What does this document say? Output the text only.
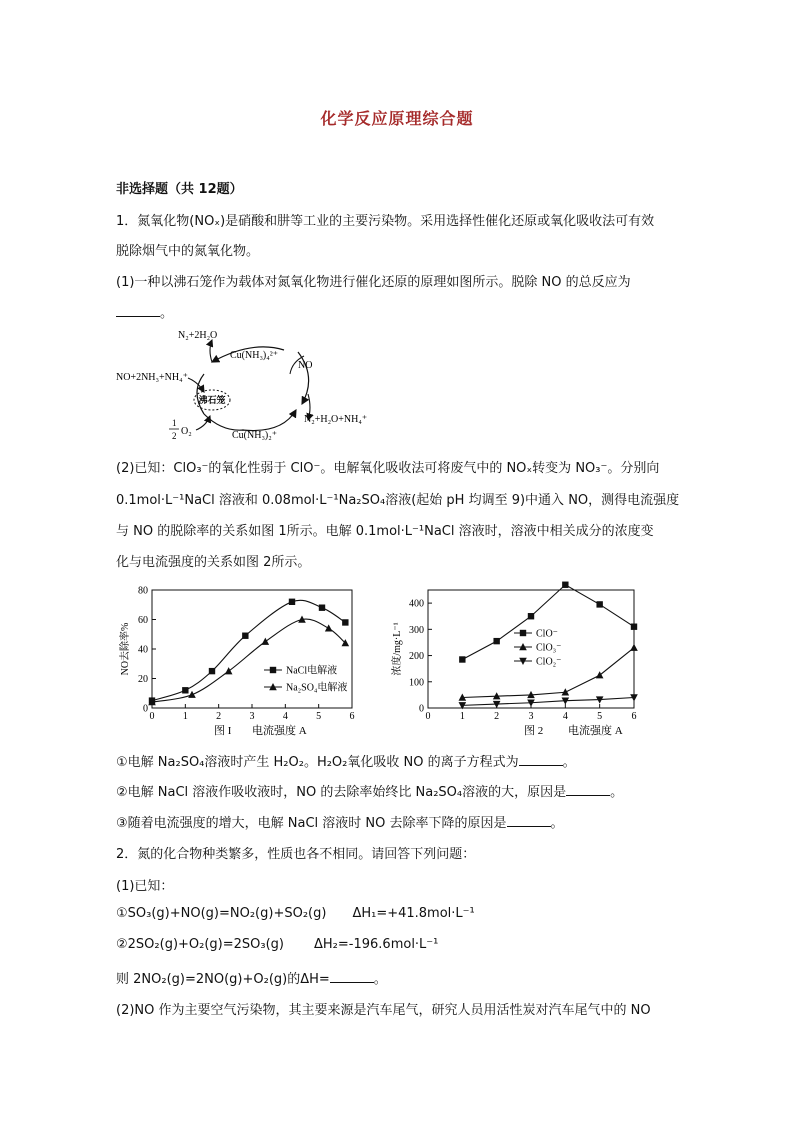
化学反应原理综合题
非选择题（共 12题）
1．氮氧化物(NOₓ)是硝酸和肼等工业的主要污染物。采用选择性催化还原或氧化吸收法可有效
脱除烟气中的氮氧化物。
(1)一种以沸石笼作为载体对氮氧化物进行催化还原的原理如图所示。脱除 NO 的总反应为
。
N₂+2H₂O
Cu(NH₃)₄²⁺
NO+2NH₃+NH₄⁺
NO
沸石笼
N₂+H₂O+NH₄⁺
1
2 O₂	Cu(NH₃)₂⁺
(2)已知：ClO₃⁻的氧化性弱于 ClO⁻。电解氧化吸收法可将废气中的 NOₓ转变为 NO₃⁻。分别向
0.1mol·L⁻¹NaCl 溶液和 0.08mol·L⁻¹Na₂SO₄溶液(起始 pH 均调至 9)中通入 NO，测得电流强度
与 NO 的脱除率的关系如图 1所示。电解 0.1mol·L⁻¹NaCl 溶液时，溶液中相关成分的浓度变
化与电流强度的关系如图 2所示。
0	1	2	3	4	5	6
0
20
40
60
80
NaCl电解液
Na₂SO₄电解液
NO去除率%
图 I 电流强度 A
0	1	2	3	4	5	6
0
100
200
300
400
ClO⁻
ClO₃⁻
ClO₂⁻
浓度/mg·L⁻¹
图 2 电流强度 A
①电解 Na₂SO₄溶液时产生 H₂O₂。H₂O₂氧化吸收 NO 的离子方程式为	。
②电解 NaCl 溶液作吸收液时，NO 的去除率始终比 Na₂SO₄溶液的大，原因是	。
③随着电流强度的增大，电解 NaCl 溶液时 NO 去除率下降的原因是	。
2．氮的化合物种类繁多，性质也各不相同。请回答下列问题：
(1)已知：
①SO₃(g)+NO(g)=NO₂(g)+SO₂(g) ΔH₁=+41.8mol·L⁻¹
②2SO₂(g)+O₂(g)=2SO₃(g) ΔH₂=-196.6mol·L⁻¹
则 2NO₂(g)=2NO(g)+O₂(g)的ΔH=	。
(2)NO 作为主要空气污染物，其主要来源是汽车尾气，研究人员用活性炭对汽车尾气中的 NO
